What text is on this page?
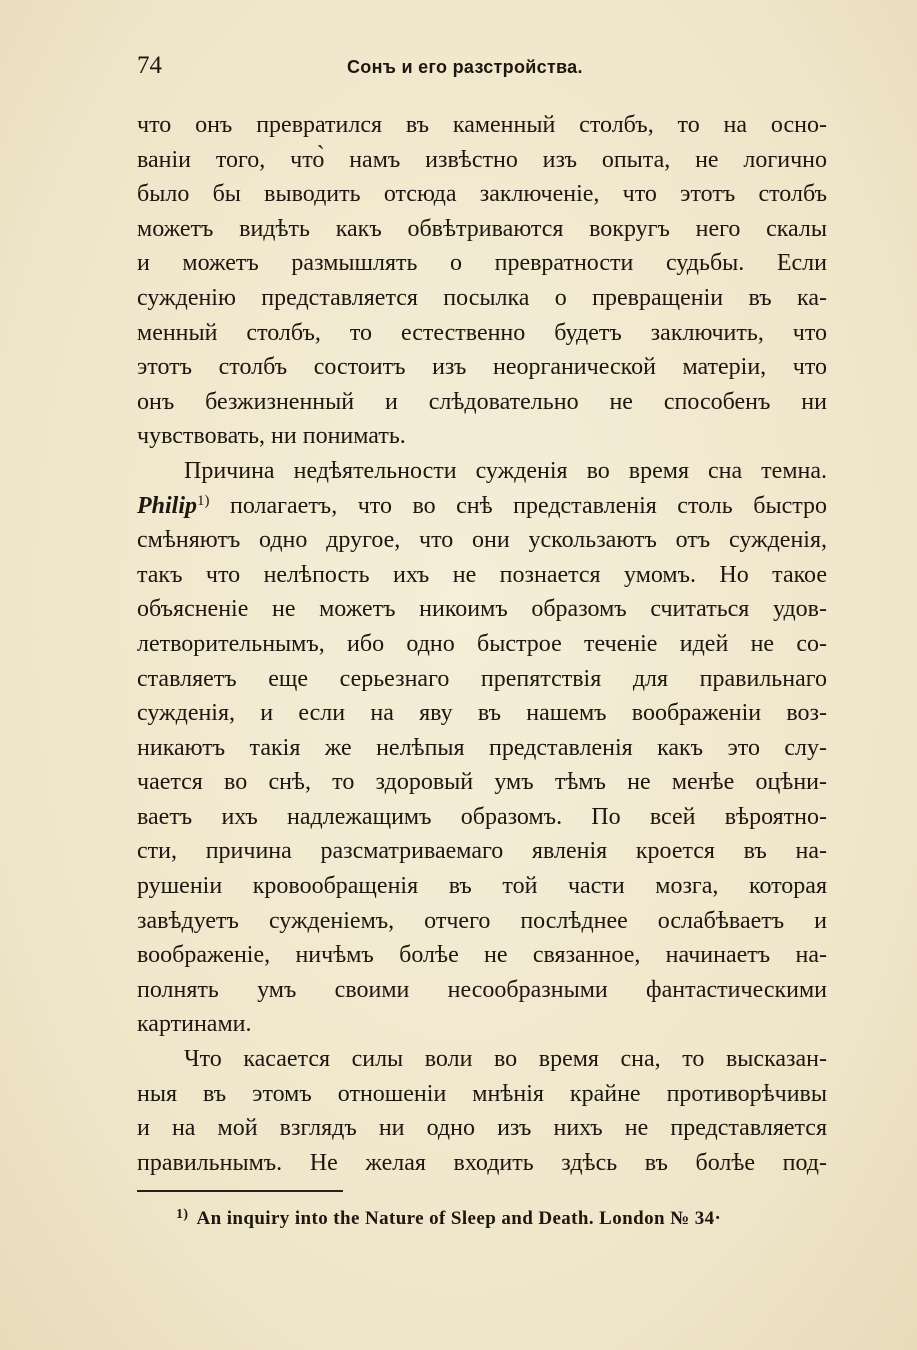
74	Сонъ и его разстройства.
что онъ превратился въ каменный столбъ, то на осно-
ваніи того, что̀ намъ извѣстно изъ опыта, не логично
было бы выводить отсюда заключеніе, что этотъ столбъ
можетъ видѣть какъ обвѣтриваются вокругъ него скалы
и можетъ размышлять о превратности судьбы. Если
сужденію представляется посылка о превращеніи въ ка-
менный столбъ, то естественно будетъ заключить, что
этотъ столбъ состоитъ изъ неорганической матеріи, что
онъ безжизненный и слѣдовательно не способенъ ни
чувствовать, ни понимать.
Причина недѣятельности сужденія во время сна темна.
Philip$^{1)}$ полагаетъ, что во снѣ представленія столь быстро
смѣняютъ одно другое, что они ускользаютъ отъ сужденія,
такъ что нелѣпость ихъ не познается умомъ. Но такое
объясненіе не можетъ никоимъ образомъ считаться удов-
летворительнымъ, ибо одно быстрое теченіе идей не со-
ставляетъ еще серьезнаго препятствія для правильнаго
сужденія, и если на яву въ нашемъ воображеніи воз-
никаютъ такія же нелѣпыя представленія какъ это слу-
чается во снѣ, то здоровый умъ тѣмъ не менѣе оцѣни-
ваетъ ихъ надлежащимъ образомъ. По всей вѣроятно-
сти, причина разсматриваемаго явленія кроется въ на-
рушеніи кровообращенія въ той части мозга, которая
завѣдуетъ сужденіемъ, отчего послѣднее ослабѣваетъ и
воображеніе, ничѣмъ болѣе не связанное, начинаетъ на-
полнять умъ своими несообразными фантастическими
картинами.
Что касается силы воли во время сна, то высказан-
ныя въ этомъ отношеніи мнѣнія крайне противорѣчивы
и на мой взглядъ ни одно изъ нихъ не представляется
правильнымъ. Не желая входить здѣсь въ болѣе под-
$^{1)}$ An inquiry into the Nature of Sleep and Death. London № 34·
